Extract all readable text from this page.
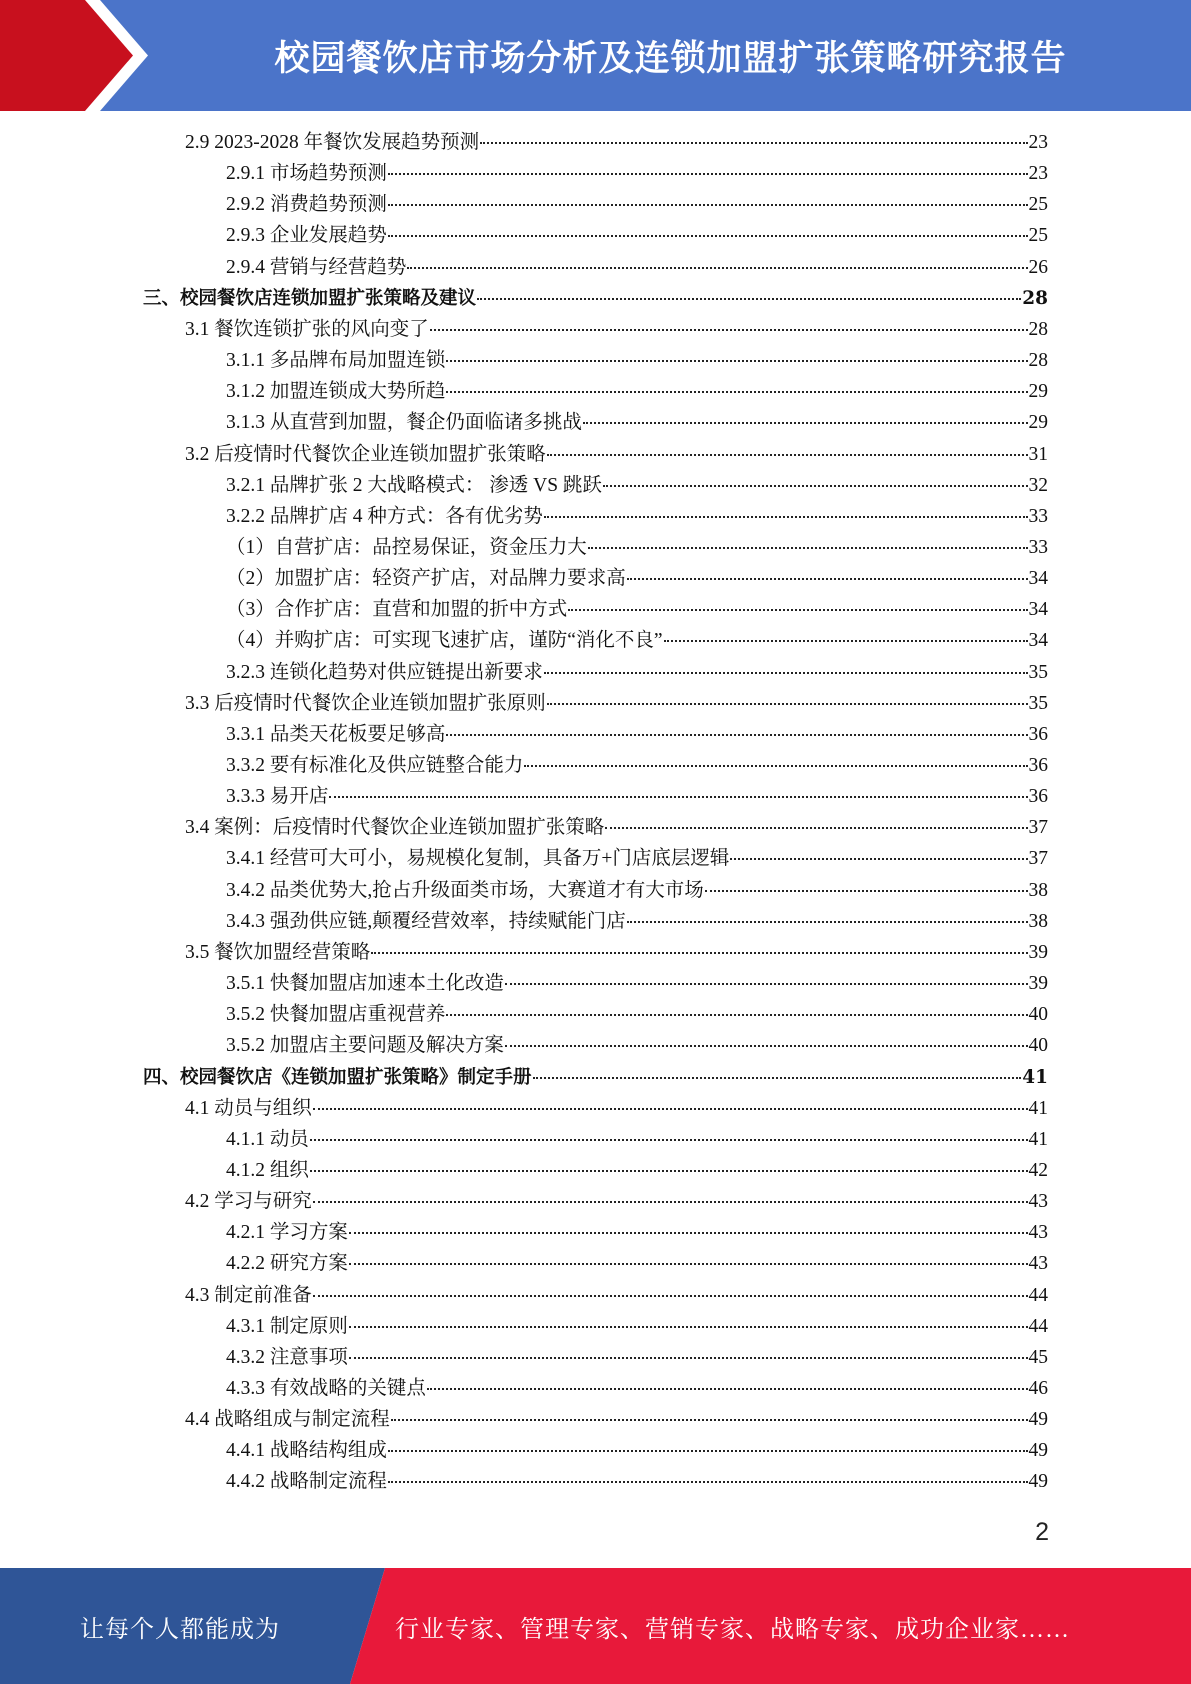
校园餐饮店市场分析及连锁加盟扩张策略研究报告
2.9 2023-2028 年餐饮发展趋势预测	23
2.9.1 市场趋势预测	23
2.9.2 消费趋势预测	25
2.9.3 企业发展趋势	25
2.9.4 营销与经营趋势	26
三、校园餐饮店连锁加盟扩张策略及建议	28
3.1 餐饮连锁扩张的风向变了	28
3.1.1 多品牌布局加盟连锁	28
3.1.2 加盟连锁成大势所趋	29
3.1.3 从直营到加盟，餐企仍面临诸多挑战	29
3.2 后疫情时代餐饮企业连锁加盟扩张策略	31
3.2.1 品牌扩张 2 大战略模式： 渗透 VS 跳跃	32
3.2.2 品牌扩店 4 种方式：各有优劣势	33
（1）自营扩店：品控易保证，资金压力大	33
（2）加盟扩店：轻资产扩店，对品牌力要求高	34
（3）合作扩店：直营和加盟的折中方式	34
（4）并购扩店：可实现飞速扩店，谨防“消化不良”	34
3.2.3 连锁化趋势对供应链提出新要求	35
3.3 后疫情时代餐饮企业连锁加盟扩张原则	35
3.3.1 品类天花板要足够高	36
3.3.2 要有标准化及供应链整合能力	36
3.3.3 易开店	36
3.4 案例：后疫情时代餐饮企业连锁加盟扩张策略	37
3.4.1 经营可大可小，易规模化复制，具备万+门店底层逻辑	37
3.4.2 品类优势大,抢占升级面类市场，大赛道才有大市场	38
3.4.3 强劲供应链,颠覆经营效率，持续赋能门店	38
3.5 餐饮加盟经营策略	39
3.5.1 快餐加盟店加速本土化改造	39
3.5.2 快餐加盟店重视营养	40
3.5.2 加盟店主要问题及解决方案	40
四、校园餐饮店《连锁加盟扩张策略》制定手册	41
4.1 动员与组织	41
4.1.1 动员	41
4.1.2 组织	42
4.2 学习与研究	43
4.2.1 学习方案	43
4.2.2 研究方案	43
4.3 制定前准备	44
4.3.1 制定原则	44
4.3.2 注意事项	45
4.3.3 有效战略的关键点	46
4.4 战略组成与制定流程	49
4.4.1 战略结构组成	49
4.4.2 战略制定流程	49
2
让每个人都能成为	行业专家、管理专家、营销专家、战略专家、成功企业家……
